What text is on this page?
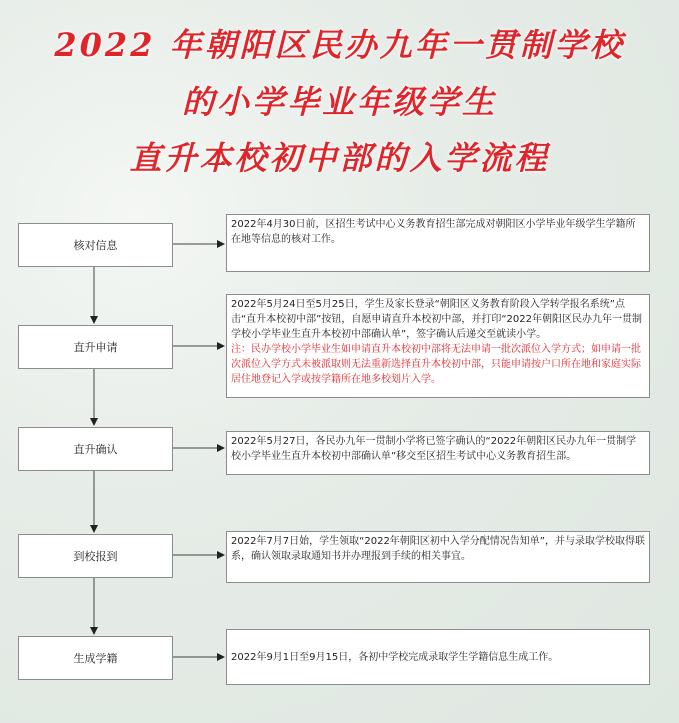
2022 年朝阳区民办九年一贯制学校
的小学毕业年级学生
直升本校初中部的入学流程
核对信息
直升申请
直升确认
到校报到
生成学籍
2022年4月30日前，区招生考试中心义务教育招生部完成对朝阳区小学毕业年级学生学籍所在地等信息的核对工作。
2022年5月24日至5月25日，学生及家长登录“朝阳区义务教育阶段入学转学报名系统”点击“直升本校初中部”按钮，自愿申请直升本校初中部，并打印“2022年朝阳区民办九年一贯制学校小学毕业生直升本校初中部确认单”，签字确认后递交至就读小学。
注：民办学校小学毕业生如申请直升本校初中部将无法申请一批次派位入学方式；如申请一批次派位入学方式未被派取则无法重新选择直升本校初中部，只能申请按户口所在地和家庭实际居住地登记入学或按学籍所在地多校划片入学。
2022年5月27日，各民办九年一贯制小学将已签字确认的“2022年朝阳区民办九年一贯制学校小学毕业生直升本校初中部确认单”移交至区招生考试中心义务教育招生部。
2022年7月7日始，学生领取“2022年朝阳区初中入学分配情况告知单”，并与录取学校取得联系，确认领取录取通知书并办理报到手续的相关事宜。
2022年9月1日至9月15日，各初中学校完成录取学生学籍信息生成工作。
